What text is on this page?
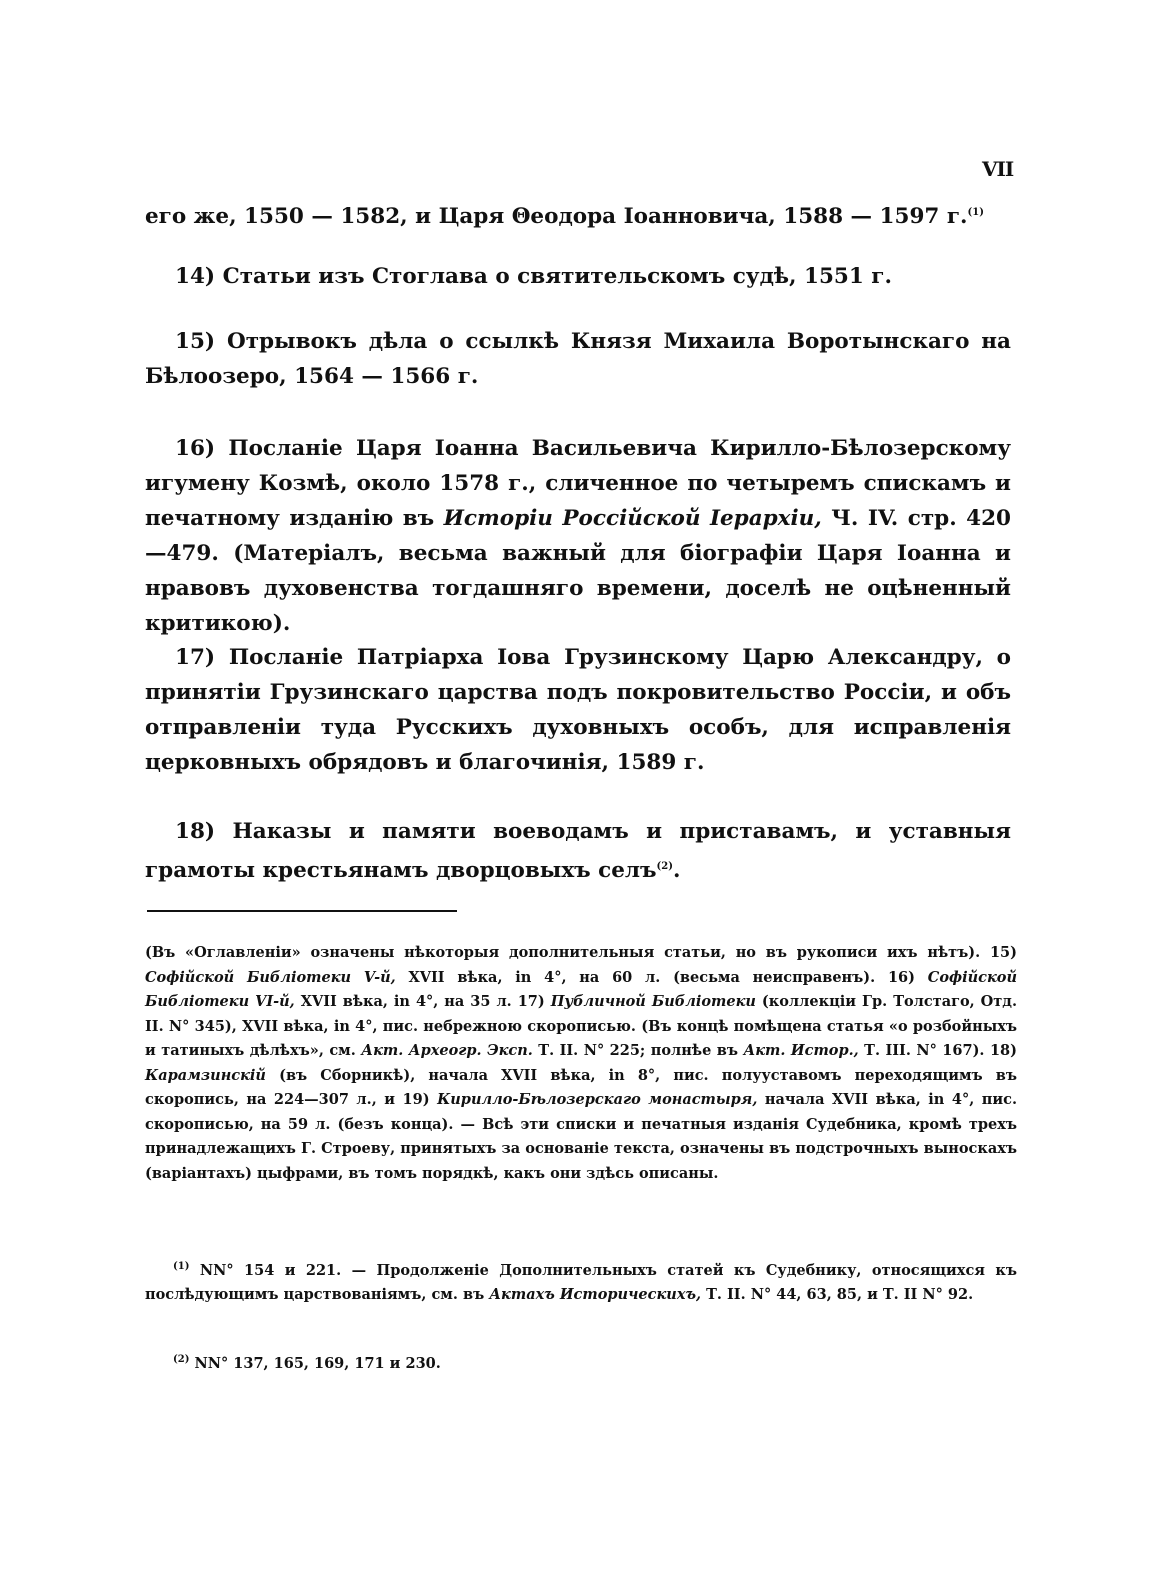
VII
его же, 1550 — 1582, и Царя Θеодора Іоанновича, 1588 — 1597 г.$^{(1)}$
14) Статьи изъ Стоглава о святительскомъ судѣ, 1551 г.
15) Отрывокъ дѣла о ссылкѣ Князя Михаила Воротынскаго на Бѣлоозеро, 1564 — 1566 г.
16) Посланіе Царя Іоанна Васильевича Кирилло-Бѣлозерскому игумену Козмѣ, около 1578 г., сличенное по четыремъ спискамъ и печатному изданію въ Исторіи Россійской Іерархіи, Ч. IV. стр. 420—479. (Матеріалъ, весьма важный для біографіи Царя Іоанна и нравовъ духовенства тогдашняго времени, доселѣ не оцѣненный критикою).
17) Посланіе Патріарха Іова Грузинскому Царю Александру, о принятіи Грузинскаго царства подъ покровительство Россіи, и объ отправленіи туда Русскихъ духовныхъ особъ, для исправленія церковныхъ обрядовъ и благочинія, 1589 г.
18) Наказы и памяти воеводамъ и приставамъ, и уставныя грамоты крестьянамъ дворцовыхъ селъ$^{(2)}$.
(Въ «Оглавленіи» означены нѣкоторыя дополнительныя статьи, но въ рукописи ихъ нѣтъ). 15) Софійской Библіотеки V-й, XVII вѣка, in 4°, на 60 л. (весьма неисправенъ). 16) Софійской Библіотеки VI-й, XVII вѣка, in 4°, на 35 л. 17) Публичной Библіотеки (коллекціи Гр. Толстаго, Отд. II. N° 345), XVII вѣка, in 4°, пис. небрежною скорописью. (Въ концѣ помѣщена статья «о розбойныхъ и татиныхъ дѣлѣхъ», см. Акт. Археогр. Эксп. Т. II. N° 225; полнѣе въ Акт. Истор., Т. III. N° 167). 18) Карамзинскій (въ Сборникѣ), начала XVII вѣка, in 8°, пис. полууставомъ переходящимъ въ скоропись, на 224—307 л., и 19) Кирилло-Бѣлозерскаго монастыря, начала XVII вѣка, in 4°, пис. скорописью, на 59 л. (безъ конца). — Всѣ эти списки и печатныя изданія Судебника, кромѣ трехъ принадлежащихъ Г. Строеву, принятыхъ за основаніе текста, означены въ подстрочныхъ выноскахъ (варіантахъ) цыфрами, въ томъ порядкѣ, какъ они здѣсь описаны.
$^{(1)}$ NN° 154 и 221. — Продолженіе Дополнительныхъ статей къ Судебнику, относящихся къ послѣдующимъ царствованіямъ, см. въ Актахъ Историческихъ, Т. II. N° 44, 63, 85, и Т. II N° 92.
$^{(2)}$ NN° 137, 165, 169, 171 и 230.
